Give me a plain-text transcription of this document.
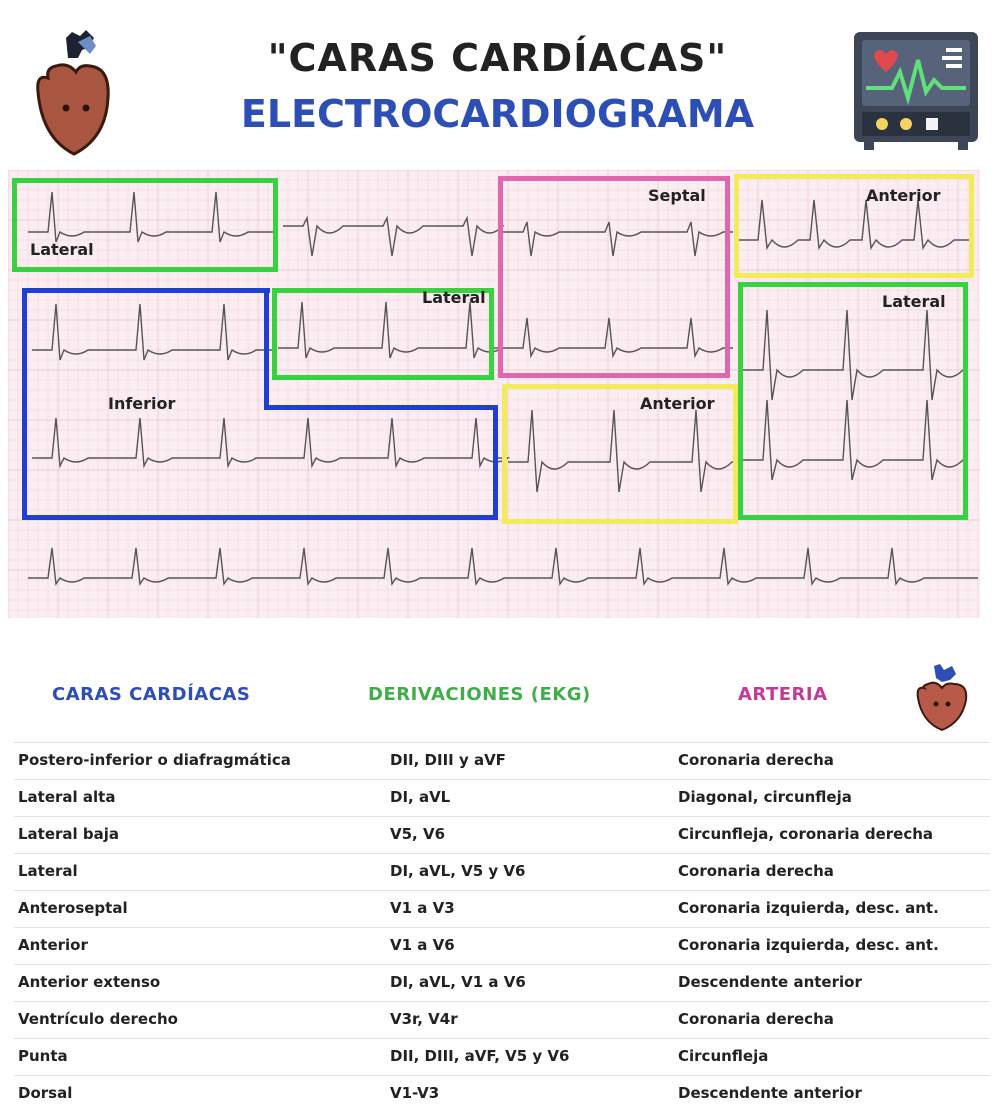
"CARAS CARDÍACAS"
ELECTROCARDIOGRAMA
Lateral
Lateral	Lateral
Septal	Anterior
Anterior
Inferior
CARAS CARDÍACAS	DERIVACIONES (EKG)	ARTERIA
Postero-inferior o diafragmática	DII, DIII y aVF	Coronaria derecha
Lateral alta	DI, aVL	Diagonal, circunfleja
Lateral baja	V5, V6	Circunfleja, coronaria derecha
Lateral	DI, aVL, V5 y V6	Coronaria derecha
Anteroseptal	V1 a V3	Coronaria izquierda, desc. ant.
Anterior	V1 a V6	Coronaria izquierda, desc. ant.
Anterior extenso	DI, aVL, V1 a V6	Descendente anterior
Ventrículo derecho	V3r, V4r	Coronaria derecha
Punta	DII, DIII, aVF, V5 y V6	Circunfleja
Dorsal	V1-V3	Descendente anterior
